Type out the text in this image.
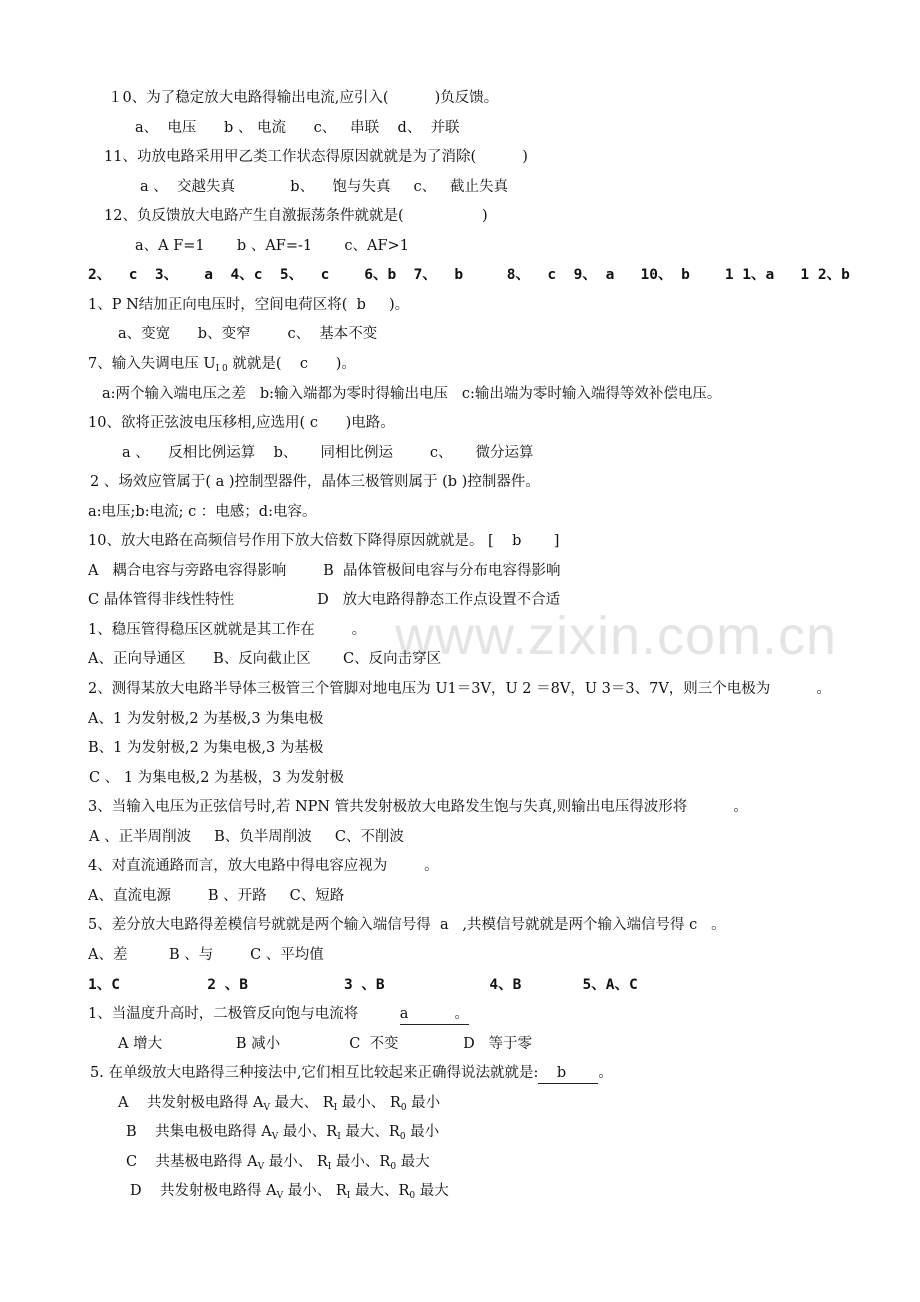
www.zixin.com.cn
１0、为了稳定放大电路得输出电流,应引入(          )负反馈。
a、  电压      b 、 电流      c、   串联    d、  并联
11、功放电路采用甲乙类工作状态得原因就就是为了消除(          )
a 、  交越失真            b、    饱与失真     c、   截止失真
12、负反馈放大电路产生自激振荡条件就就是(                 )
a、A F=1       b 、AF=-1       c、AF>1
2、  c  3、   a  4、c  5、  c    6、b  7、  b     8、  c  9、 a   10、 b    1 1、a   1 2、b
1、P N结加正向电压时，空间电荷区将(  b     )。
a、变宽      b、变窄        c、  基本不变
7、输入失调电压 $U_{I 0}$ 就就是(    c      )。
a:两个输入端电压之差   b:输入端都为零时得输出电压   c:输出端为零时输入端得等效补偿电压。
10、欲将正弦波电压移相,应选用( c      )电路。
a 、    反相比例运算    b、     同相比例运        c、     微分运算
2 、场效应管属于( a )控制型器件，晶体三极管则属于 (b )控制器件。
a:电压;b:电流; c ：电感；d:电容。
10、放大电路在高频信号作用下放大倍数下降得原因就就是。 [    b       ]
A   耦合电容与旁路电容得影响        B  晶体管极间电容与分布电容得影响
C 晶体管得非线性特性                  D   放大电路得静态工作点设置不合适
1、稳压管得稳压区就就是其工作在        。
A、正向导通区      B、反向截止区       C、反向击穿区
2、测得某放大电路半导体三极管三个管脚对地电压为 U1＝3V，U 2 ＝8V，U 3＝3、7V，则三个电极为          。
A、1 为发射极,2 为基极,3 为集电极
B、1 为发射极,2 为集电极,3 为基极
C 、 1 为集电极,2 为基极，3 为发射极
3、当输入电压为正弦信号时,若 NPN 管共发射极放大电路发生饱与失真,则输出电压得波形将          。
A 、正半周削波     B、负半周削波     C、不削波
4、对直流通路而言，放大电路中得电容应视为        。
A、直流电源        B 、开路     C、短路
5、差分放大电路得差模信号就就是两个输入端信号得  a   ,共模信号就就是两个输入端信号得 c   。
A、差         B 、与        C 、平均值
1、C          2 、B           3 、B            4、B       5、A、C
1、当温度升高时，二极管反向饱与电流将         a          。
A 增大                B 减小               C  不变              D   等于零
5. 在单级放大电路得三种接法中,它们相互比较起来正确得说法就就是:    b       。
A    共发射极电路得 $A_V$ 最大、 $R_I$ 最小、 $R_0$ 最小
B    共集电极电路得 $A_V$ 最小、$R_I$ 最大、$R_0$ 最小
C    共基极电路得 $A_V$ 最小、 $R_I$ 最小、$R_0$ 最大
D    共发射极电路得 $A_V$ 最小、 $R_I$ 最大、$R_0$ 最大
